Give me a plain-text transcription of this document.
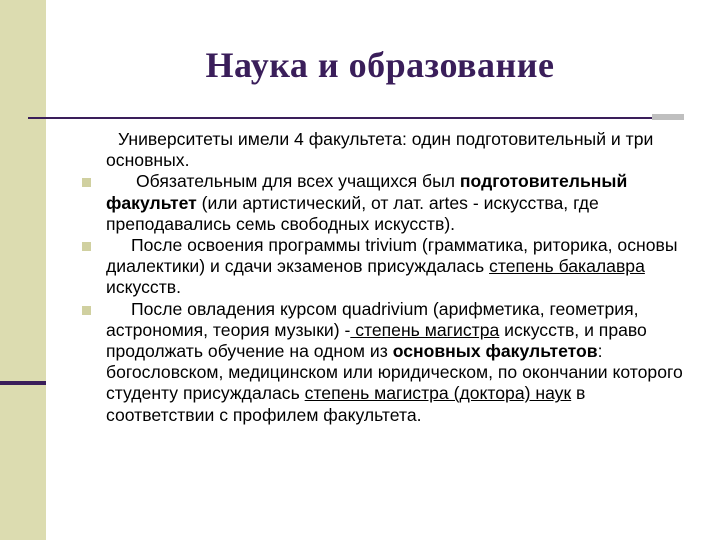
Наука и образование

Университеты имели 4 факультета: один подготовительный и три основных.

Обязательным для всех учащихся был подготовительный факультет (или артистический, от лат. artes - искусства, где преподавались семь свободных искусств).

После освоения программы trivium (грамматика, риторика, основы диалектики) и сдачи экзаменов присуждалась степень бакалавра искусств.

После овладения курсом quadrivium (арифметика, геометрия, астрономия, теория музыки) - степень магистра искусств, и право продолжать обучение на одном из основных факультетов: богословском, медицинском или юридическом, по окончании которого студенту присуждалась степень магистра (доктора) наук в соответствии с профилем факультета.
